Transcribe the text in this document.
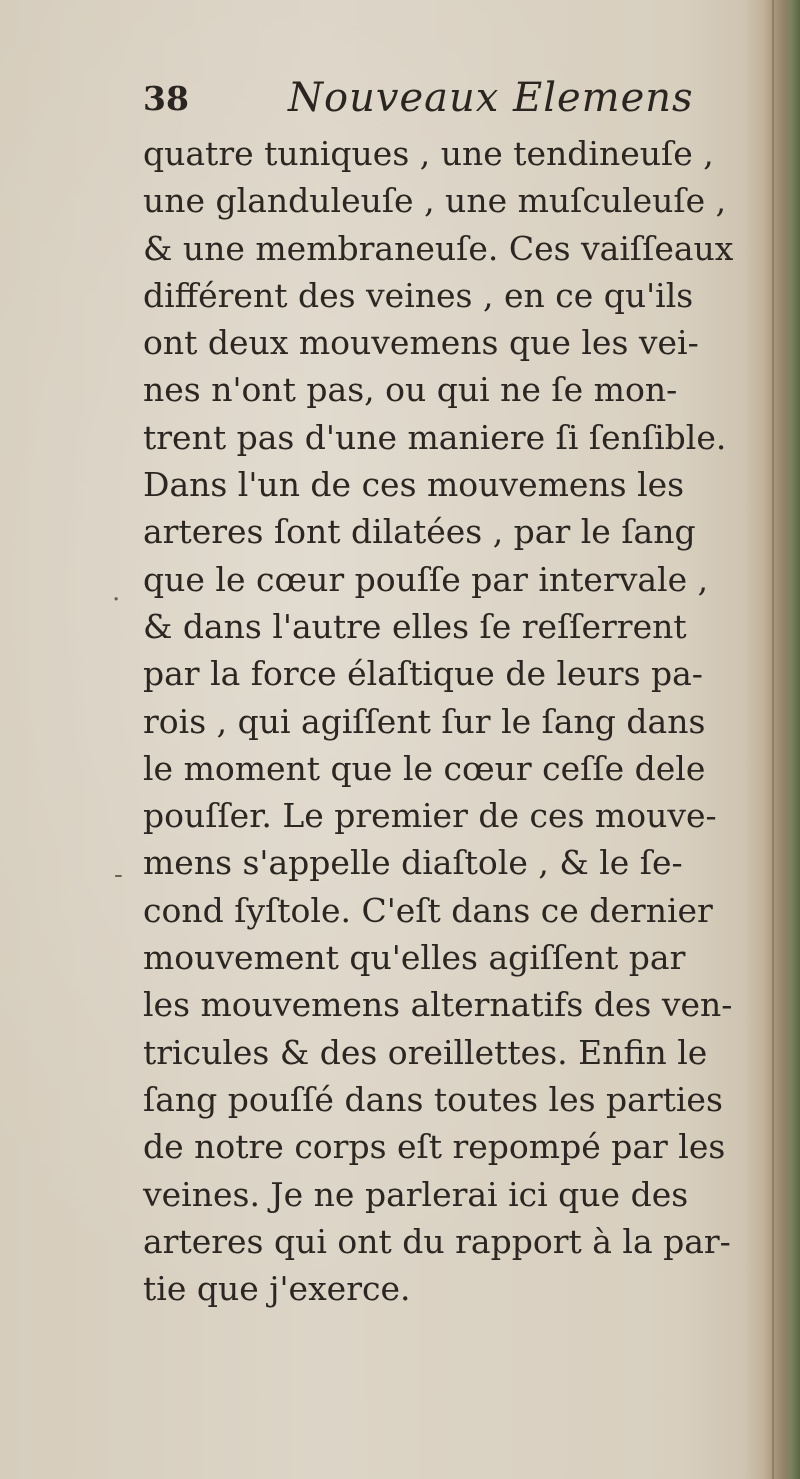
38 Nouveaux Elemens
·
-
quatre tuniques , une tendineuſe ,
une glanduleuſe , une muſculeuſe ,
& une membraneuſe. Ces vaiſſeaux
différent des veines , en ce qu'ils
ont deux mouvemens que les vei-
nes n'ont pas, ou qui ne ſe mon-
trent pas d'une maniere ſi ſenſible.
Dans l'un de ces mouvemens les
arteres ſont dilatées , par le ſang
que le cœur pouſſe par intervale ,
& dans l'autre elles ſe reſſerrent
par la force élaſtique de leurs pa-
rois , qui agiſſent ſur le ſang dans
le moment que le cœur ceſſe dele
pouſſer. Le premier de ces mouve-
mens s'appelle diaſtole , & le ſe-
cond ſyſtole. C'eſt dans ce dernier
mouvement qu'elles agiſſent par
les mouvemens alternatifs des ven-
tricules & des oreillettes. Enfin le
ſang pouſſé dans toutes les parties
de notre corps eſt repompé par les
veines. Je ne parlerai ici que des
arteres qui ont du rapport à la par-
tie que j'exerce.
